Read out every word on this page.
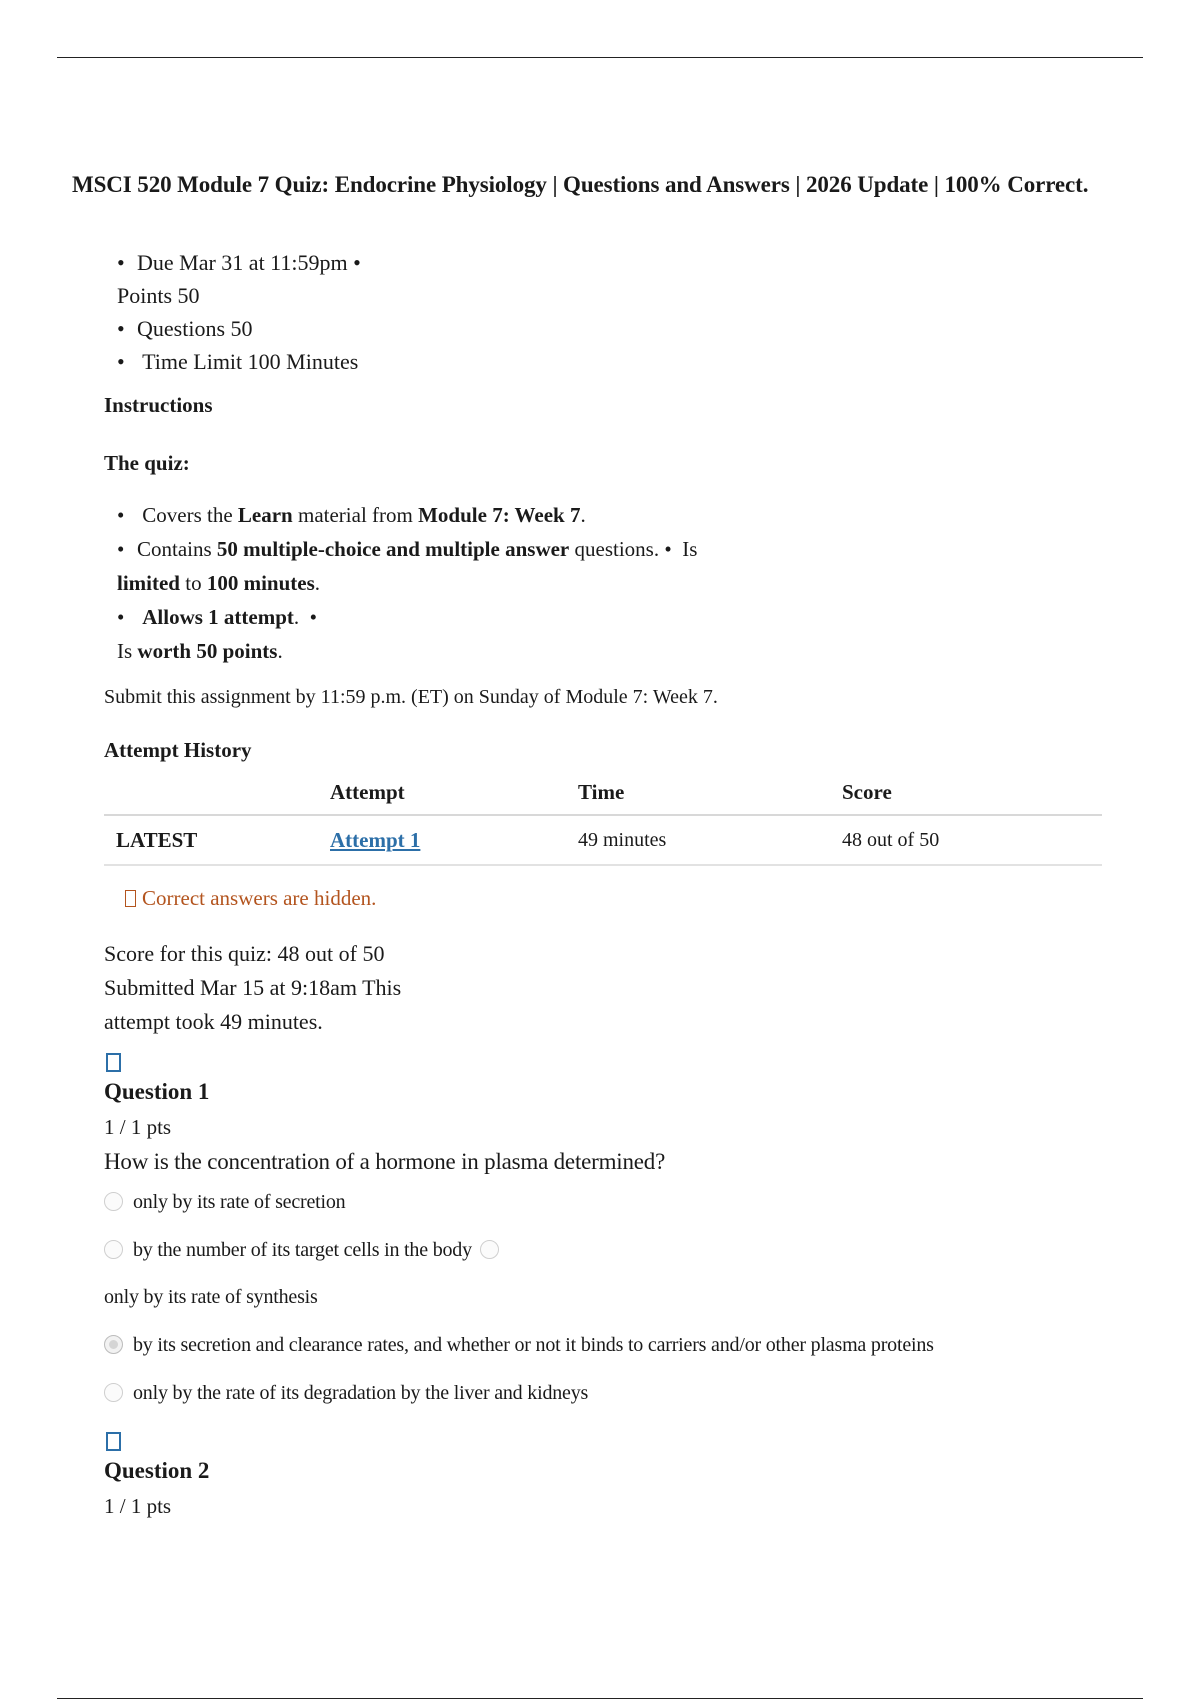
MSCI 520 Module 7 Quiz: Endocrine Physiology | Questions and Answers | 2026 Update | 100% Correct.
• Due Mar 31 at 11:59pm •
Points 50
• Questions 50
• Time Limit 100 Minutes
Instructions
The quiz:
• Covers the Learn material from Module 7: Week 7.
• Contains 50 multiple-choice and multiple answer questions. •  Is
limited to 100 minutes.
• Allows 1 attempt.  •
Is worth 50 points.
Submit this assignment by 11:59 p.m. (ET) on Sunday of Module 7: Week 7.
Attempt History
	Attempt	Time	Score
LATEST	Attempt 1	49 minutes	48 out of 50
Correct answers are hidden.
Score for this quiz: 48 out of 50
Submitted Mar 15 at 9:18am This
attempt took 49 minutes.
Question 1
1 / 1 pts
How is the concentration of a hormone in plasma determined?
only by its rate of secretion
by the number of its target cells in the body
only by its rate of synthesis
by its secretion and clearance rates, and whether or not it binds to carriers and/or other plasma proteins
only by the rate of its degradation by the liver and kidneys
Question 2
1 / 1 pts
